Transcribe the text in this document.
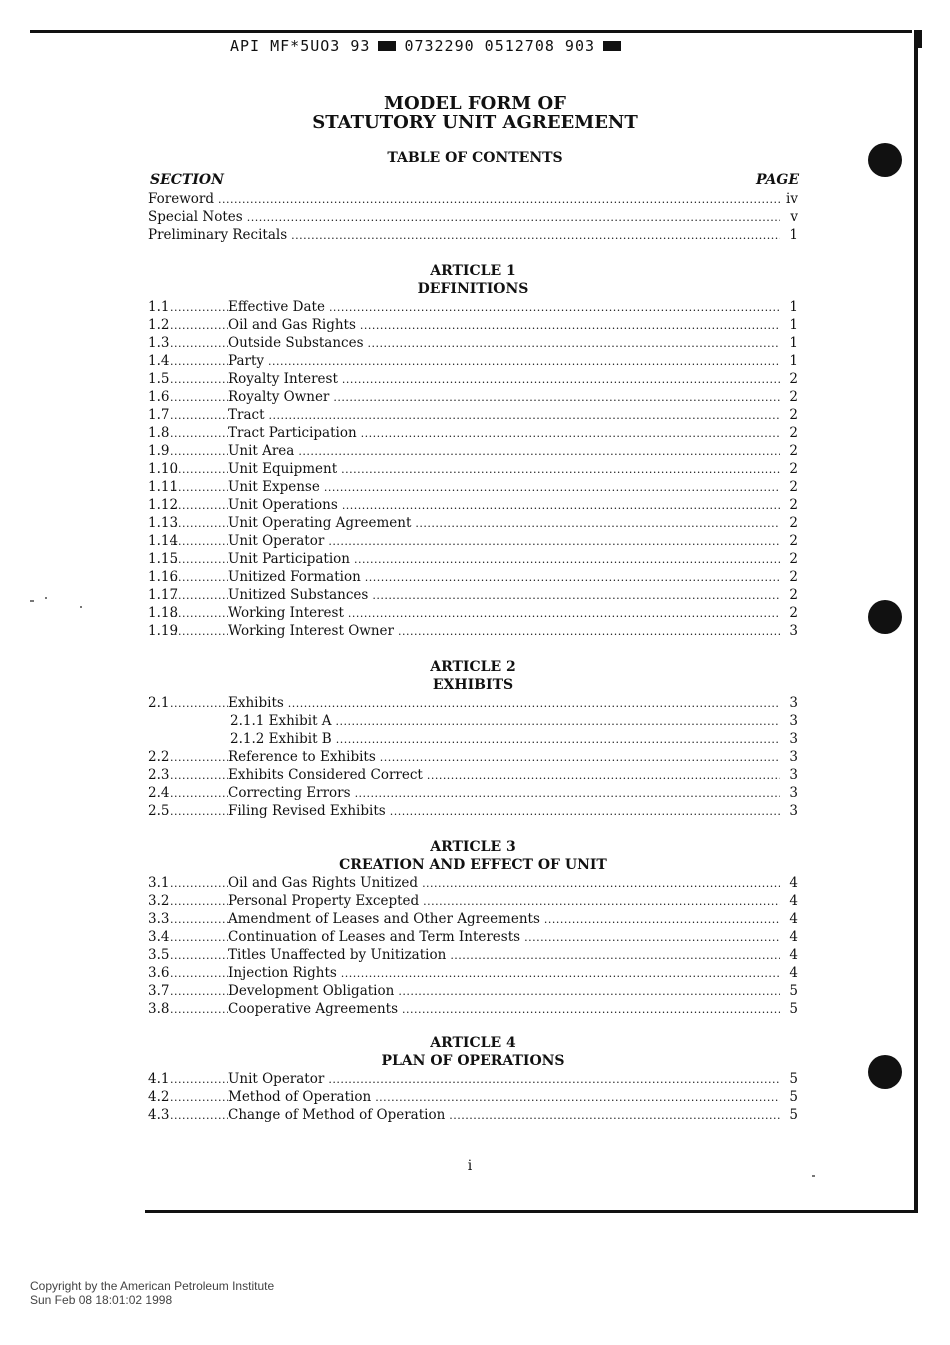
API MF*5UO3 93 0732290 0512708 903
MODEL FORM OF
STATUTORY UNIT AGREEMENT
TABLE OF CONTENTS
SECTION	PAGE
Foreword .....	iv
Special Notes .....	v
Preliminary Recitals .....	1
ARTICLE 1
DEFINITIONS
1.1 .....	Effective Date .....	1
1.2 .....	Oil and Gas Rights .....	1
1.3 .....	Outside Substances .....	1
1.4 .....	Party .....	1
1.5 .....	Royalty Interest .....	2
1.6 .....	Royalty Owner .....	2
1.7 .....	Tract .....	2
1.8 .....	Tract Participation .....	2
1.9 .....	Unit Area .....	2
1.10 .....	Unit Equipment .....	2
1.11 .....	Unit Expense .....	2
1.12 .....	Unit Operations .....	2
1.13 .....	Unit Operating Agreement .....	2
1.14 .....	Unit Operator .....	2
1.15 .....	Unit Participation .....	2
1.16 .....	Unitized Formation .....	2
1.17 .....	Unitized Substances .....	2
1.18 .....	Working Interest .....	2
1.19 .....	Working Interest Owner .....	3
ARTICLE 2
EXHIBITS
2.1 .....	Exhibits .....	3
2.1.1 Exhibit A .....	3
2.1.2 Exhibit B .....	3
2.2 .....	Reference to Exhibits .....	3
2.3 .....	Exhibits Considered Correct .....	3
2.4 .....	Correcting Errors .....	3
2.5 .....	Filing Revised Exhibits .....	3
ARTICLE 3
CREATION AND EFFECT OF UNIT
3.1 .....	Oil and Gas Rights Unitized .....	4
3.2 .....	Personal Property Excepted .....	4
3.3 .....	Amendment of Leases and Other Agreements .....	4
3.4 .....	Continuation of Leases and Term Interests .....	4
3.5 .....	Titles Unaffected by Unitization .....	4
3.6 .....	Injection Rights .....	4
3.7 .....	Development Obligation .....	5
3.8 .....	Cooperative Agreements .....	5
ARTICLE 4
PLAN OF OPERATIONS
4.1 .....	Unit Operator .....	5
4.2 .....	Method of Operation .....	5
4.3 .....	Change of Method of Operation .....	5
i
Copyright by the American Petroleum Institute
Sun Feb 08 18:01:02 1998
